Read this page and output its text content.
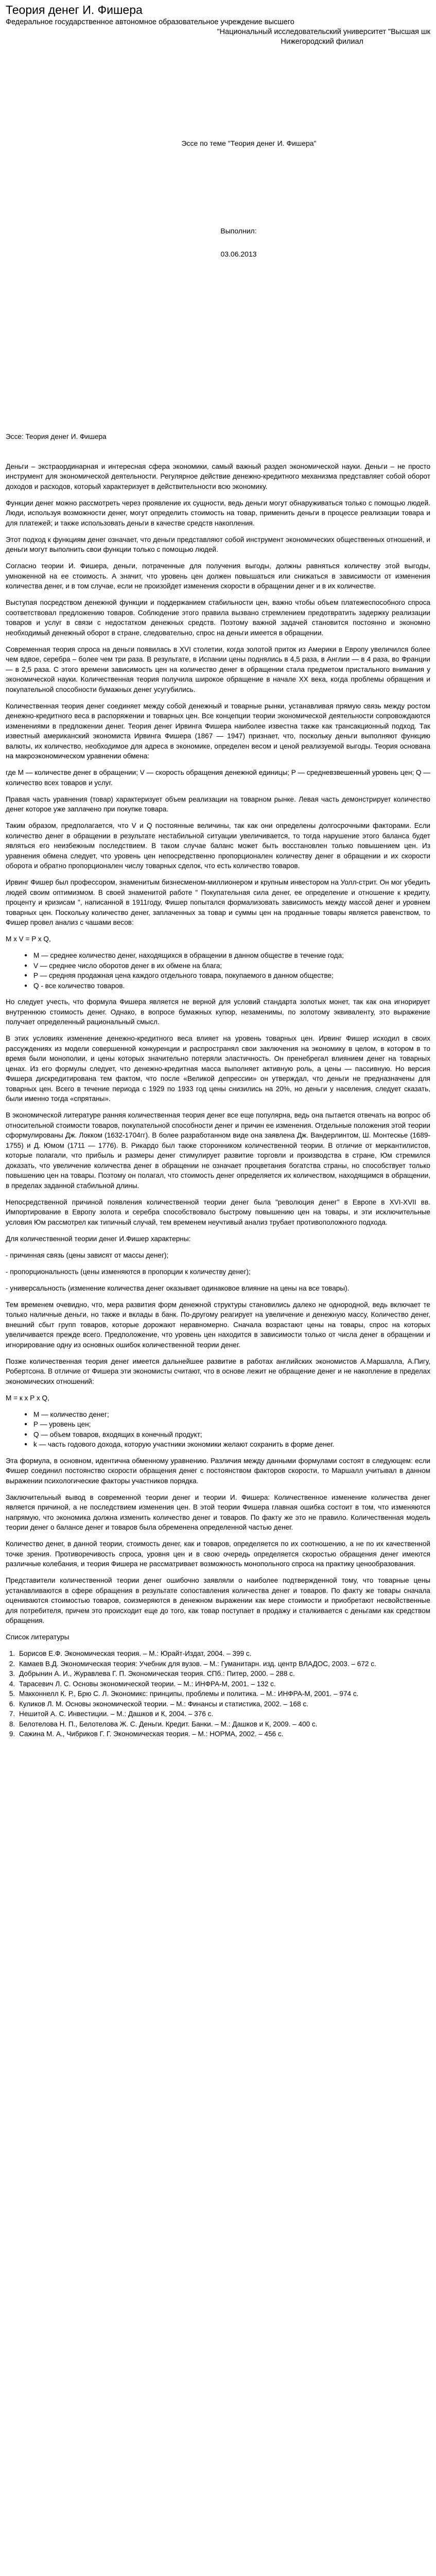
Теория денег И. Фишера

Федеральное государственное автономное образовательное учреждение высшего

"Национальный исследовательский университет "Высшая шк

Нижегородский филиал

Эссе по теме "Теория денег И. Фишера"
Выполнил:
03.06.2013

Эссе: Теория денег И. Фишера

Деньги – экстраординарная и интересная сфера экономики, самый важный раздел экономической науки. Деньги – не просто инструмент для экономической деятельности. Регулярное действие денежно-кредитного механизма представляет собой оборот доходов и расходов, который характеризует в действительности всю экономику.

Функции денег можно рассмотреть через проявление их сущности, ведь деньги могут обнаруживаться только с помощью людей. Люди, используя возможности денег, могут определить стоимость на товар, применить деньги в процессе реализации товара и для платежей; и также использовать деньги в качестве средств накопления.

Этот подход к функциям денег означает, что деньги представляют собой инструмент экономических общественных отношений, и деньги могут выполнить свои функции только с помощью людей.

Согласно теории И. Фишера, деньги, потраченные для получения выгоды, должны равняться количеству этой выгоды, умноженной на ее стоимость. А значит, что уровень цен должен повышаться или снижаться в зависимости от изменения количества денег, и в том случае, если не произойдет изменения скорости в обращении денег и в их количестве.

Выступая посредством денежной функции и поддержанием стабильности цен, важно чтобы объем платежеспособного спроса соответствовал предложению товаров. Соблюдение этого правила вызвано стремлением предотвратить задержку реализации товаров и услуг в связи с недостатком денежных средств. Поэтому важной задачей становится постоянно и экономно необходимый денежный оборот в стране, следовательно, спрос на деньги имеется в обращении.

Современная теория спроса на деньги появилась в XVI столетии, когда золотой приток из Америки в Европу увеличился более чем вдвое, серебра – более чем три раза. В результате, в Испании цены поднялись в 4,5 раза, в Англии — в 4 раза, во Франции — в 2,5 раза. С этого времени зависимость цен на количество денег в обращении стала предметом пристального внимания у экономической науки. Количественная теория получила широкое обращение в начале XX века, когда проблемы обращения и покупательной способности бумажных денег усугубились.

Количественная теория денег соединяет между собой денежный и товарные рынки, устанавливая прямую связь между ростом денежно-кредитного веса в распоряжении и товарных цен. Все концепции теории экономической деятельности сопровождаются изменениями в предложении денег. Теория денег Ирвинга Фишера наиболее известна также как трансакционный подход. Так известный американский экономиста Ирвинга Фишера (1867 — 1947) признает, что, поскольку деньги выполняют функцию валюты, их количество, необходимое для адреса в экономике, определен весом и ценой реализуемой выгоды. Теория основана на макроэкономическом уравнении обмена:

где M — количестве денег в обращении; V — скорость обращения денежной единицы; P — средневзвешенный уровень цен; Q — количество всех товаров и услуг.

Правая часть уравнения (товар) характеризует объем реализации на товарном рынке. Левая часть демонстрирует количество денег которое уже заплачено при покупке товара.

Таким образом, предполагается, что V и Q постоянные величины, так как они определены долгосрочными факторами. Если количество денег в обращении в результате нестабильной ситуации увеличивается, то тогда нарушение этого баланса будет являться его неизбежным последствием. В таком случае баланс может быть восстановлен только повышением цен. Из уравнения обмена следует, что уровень цен непосредственно пропорционален количеству денег в обращении и их скорости оборота и обратно пропорционален числу товарных сделок, что есть количество товаров.

Ирвинг Фишер был профессором, знаменитым бизнесменом-миллионером и крупным инвестором на Уолл-стрит. Он мог убедить людей своим оптимизмом. В своей знаменитой работе " Покупательная сила денег, ее определение и отношение к кредиту, проценту и кризисам ", написанной в 1911году, Фишер попытался формализовать зависимость между массой денег и уровнем товарных цен. Поскольку количество денег, заплаченных за товар и суммы цен на проданные товары является равенством, то Фишер провел анализ с чашами весов:

M x V = P x Q,

● M — среднее количество денег, находящихся в обращении в данном обществе в течение года;
● V — среднее число оборотов денег в их обмене на блага;
● P — средняя продажная цена каждого отдельного товара, покупаемого в данном обществе;
● Q - все количество товаров.

Но следует учесть, что формула Фишера является не верной для условий стандарта золотых монет, так как она игнорирует внутреннюю стоимость денег. Однако, в вопросе бумажных купюр, незаменимы, по золотому эквиваленту, это выражение получает определенный рациональный смысл.

В этих условиях изменение денежно-кредитного веса влияет на уровень товарных цен. Ирвинг Фишер исходил в своих рассуждениях из модели совершенной конкуренции и распространял свои заключения на экономику в целом, в котором в то время были монополии, и цены которых значительно потеряли эластичность. Он пренебрегал влиянием денег на товарных ценах. Из его формулы следует, что денежно-кредитная масса выполняет активную роль, а цены — пассивную. Но версия Фишера дискредитирована тем фактом, что после «Великой депрессии» он утверждал, что деньги не предназначены для товарных цен. Всего в течение периода с 1929 по 1933 год цены снизились на 20%, но деньги у населения, следует сказать, были именно тогда «спрятаны».

В экономической литературе ранняя количественная теория денег все еще популярна, ведь она пытается отвечать на вопрос об относительной стоимости товаров, покупательной способности денег и причин ее изменения. Отдельные положения этой теории сформулированы Дж. Локком (1632-1704гг). В более разработанном виде она заявлена Дж. Вандерлинтом, Ш. Монтескье (1689-1755) и Д. Юмом (1711 — 1776). В. Рикардо был также сторонником количественной теории. В отличие от меркантилистов, которые полагали, что прибыль и размеры денег стимулирует развитие торговли и производства в стране, Юм стремился доказать, что увеличение количества денег в обращении не означает процветания богатства страны, но способствует только повышению цен на товары. Поэтому он полагал, что стоимость денег определяется их количеством, находящимся в обращении, в пределах заданной стабильной длины.

Непосредственной причиной появления количественной теории денег была "революция денег" в Европе в XVI-XVII вв. Импортирование в Европу золота и серебра способствовало быстрому повышению цен на товары, и эти исключительные условия Юм рассмотрел как типичный случай, тем временем неучтивый анализ трубает противоположного подхода.

Для количественной теории денег И.Фишер характерны:

- причинная связь (цены зависят от массы денег);

- пропорциональность (цены изменяются в пропорции к количеству денег);

- универсальность (изменение количества денег оказывает одинаковое влияние на цены на все товары).

Тем временем очевидно, что, мера развития форм денежной структуры становились далеко не однородной, ведь включает те только наличные деньги, но также и вклады в банк. По-другому реагирует на увеличение и денежную массу, Количество денег, внешний сбыт групп товаров, которые дорожают неравномерно. Сначала возрастают цены на товары, спрос на которых увеличивается прежде всего. Предположение, что уровень цен находится в зависимости только от числа денег в обращении и игнорирование одну из основных ошибок количественной теории денег.

Позже количественная теория денег имеется дальнейшее развитие в работах английских экономистов А.Маршалла, А.Пигу, Робертсона. В отличие от Фишера эти экономисты считают, что в основе лежит не обращение денег и не накопление в пределах экономических отношений:

М = к х Р х Q,

● М — количество денег;
● Р — уровень цен;
● Q — объем товаров, входящих в конечный продукт;
● k — часть годового дохода, которую участники экономики желают сохранить в форме денег.

Эта формула, в основном, идентична обменному уравнению. Различия между данными формулами состоят в следующем: если Фишер соединил постоянство скорости обращения денег с постоянством факторов скорости, то Маршалл учитывал в данном выражении психологические факторы участников порядка.

Заключительный вывод в современной теории денег и теории И. Фишера: Количественное изменение количества денег является причиной, а не последствием изменения цен. В этой теории Фишера главная ошибка состоит в том, что изменяются напрямую, что экономика должна изменить количество денег и товаров. По факту же это не правило. Количественная модель теории денег о балансе денег и товаров была обременена определенной частью денег.

Количество денег, в данной теории, стоимость денег, как и товаров, определяется по их соотношению, а не по их качественной точке зрения. Противоречивость спроса, уровня цен и в свою очередь определяется скоростью обращения денег имеются различные колебания, и теория Фишера не рассматривает возможность монопольного спроса на практику ценообразования.

Представители количественной теории денег ошибочно заявляли о наиболее подтвержденной тому, что товарные цены устанавливаются в сфере обращения в результате сопоставления количества денег и товаров. По факту же товары сначала оцениваются стоимостью товаров, соизмеряются в денежном выражении как мере стоимости и приобретают несвойственные для потребителя, причем это происходит еще до того, как товар поступает в продажу и сталкивается с деньгами как средством обращения.

Список литературы

1. Борисов Е.Ф. Экономическая теория. – М.: Юрайт-Издат, 2004. – 399 с.
2. Камаев В.Д. Экономическая теория: Учебник для вузов. – М.: Гуманитарн. изд. центр ВЛАДОС, 2003. – 672 с.
3. Добрынин А. И., Журавлева Г. П. Экономическая теория. СПб.: Питер, 2000. – 288 с.
4. Тарасевич Л. С. Основы экономической теории. – М.: ИНФРА-М, 2001. – 132 с.
5. Макконнелл К. Р., Брю С. Л. Экономикс: принципы, проблемы и политика. – М.: ИНФРА-М, 2001. – 974 с.
6. Куликов Л. М. Основы экономической теории. – М.: Финансы и статистика, 2002. – 168 с.
7. Нешитой А. С. Инвестиции. – М.: Дашков и К, 2004. – 376 с.
8. Белотелова Н. П., Белотелова Ж. С. Деньги. Кредит. Банки. – М.: Дашков и К, 2009. – 400 с.
9. Сажина М. А., Чибриков Г. Г. Экономическая теория. – М.: НОРМА, 2002. – 456 с.
